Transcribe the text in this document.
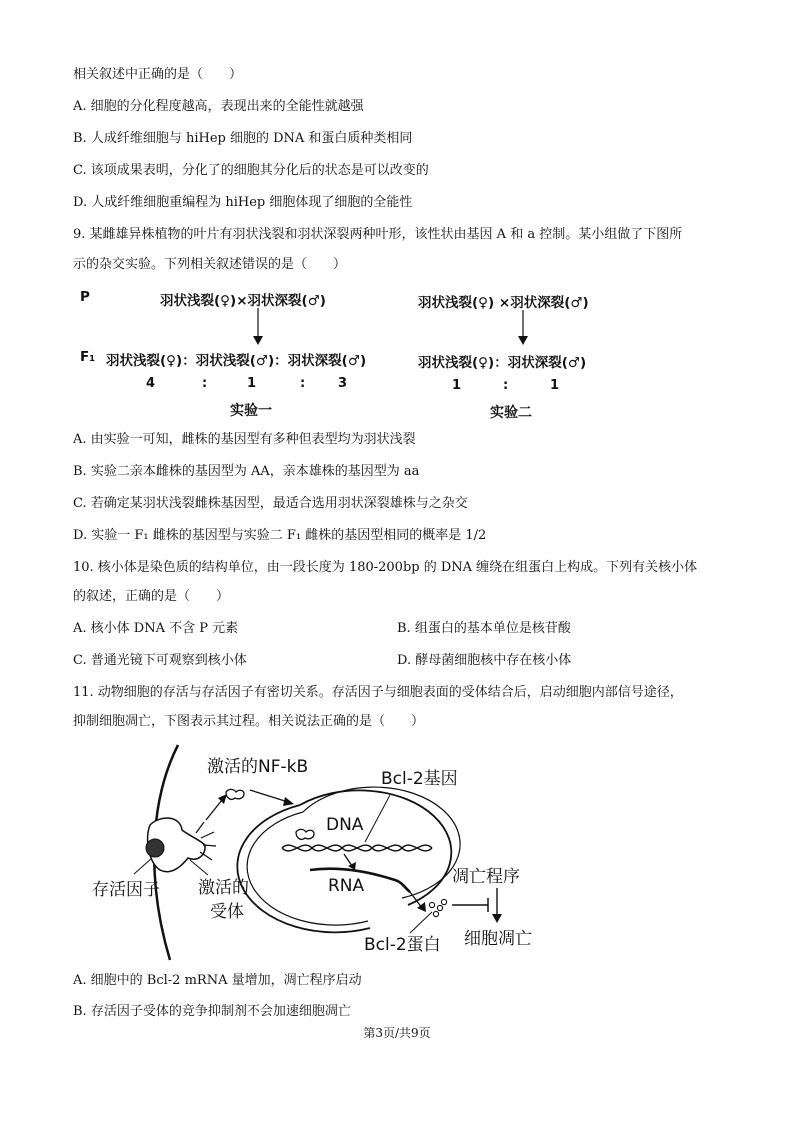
相关叙述中正确的是（　　）
A. 细胞的分化程度越高，表现出来的全能性就越强
B. 人成纤维细胞与 hiHep 细胞的 DNA 和蛋白质种类相同
C. 该项成果表明，分化了的细胞其分化后的状态是可以改变的
D. 人成纤维细胞重编程为 hiHep 细胞体现了细胞的全能性
9. 某雌雄异株植物的叶片有羽状浅裂和羽状深裂两种叶形，该性状由基因 A 和 a 控制。某小组做了下图所
示的杂交实验。下列相关叙述错误的是（　　）
P	羽状浅裂(♀)×羽状深裂(♂)	羽状浅裂(♀) ×羽状深裂(♂)
F₁ 羽状浅裂(♀)：羽状浅裂(♂)：羽状深裂(♂)	羽状浅裂(♀)：羽状深裂(♂)
4	:	1	:	3	1	:	1
实验一	实验二
A. 由实验一可知，雌株的基因型有多种但表型均为羽状浅裂
B. 实验二亲本雌株的基因型为 AA，亲本雄株的基因型为 aa
C. 若确定某羽状浅裂雌株基因型，最适合选用羽状深裂雄株与之杂交
D. 实验一 F₁ 雌株的基因型与实验二 F₁ 雌株的基因型相同的概率是 1/2
10. 核小体是染色质的结构单位，由一段长度为 180-200bp 的 DNA 缠绕在组蛋白上构成。下列有关核小体
的叙述，正确的是（　　）
A. 核小体 DNA 不含 P 元素	B. 组蛋白的基本单位是核苷酸
C. 普通光镜下可观察到核小体	D. 酵母菌细胞核中存在核小体
11. 动物细胞的存活与存活因子有密切关系。存活因子与细胞表面的受体结合后，启动细胞内部信号途径，
抑制细胞凋亡，下图表示其过程。相关说法正确的是（　　）
激活的NF-kB
Bcl-2基因
DNA
RNA	凋亡程序
存活因子 激活的
受体
Bcl-2蛋白 细胞凋亡
A. 细胞中的 Bcl-2 mRNA 量增加，凋亡程序启动
B. 存活因子受体的竞争抑制剂不会加速细胞凋亡
第3页/共9页
